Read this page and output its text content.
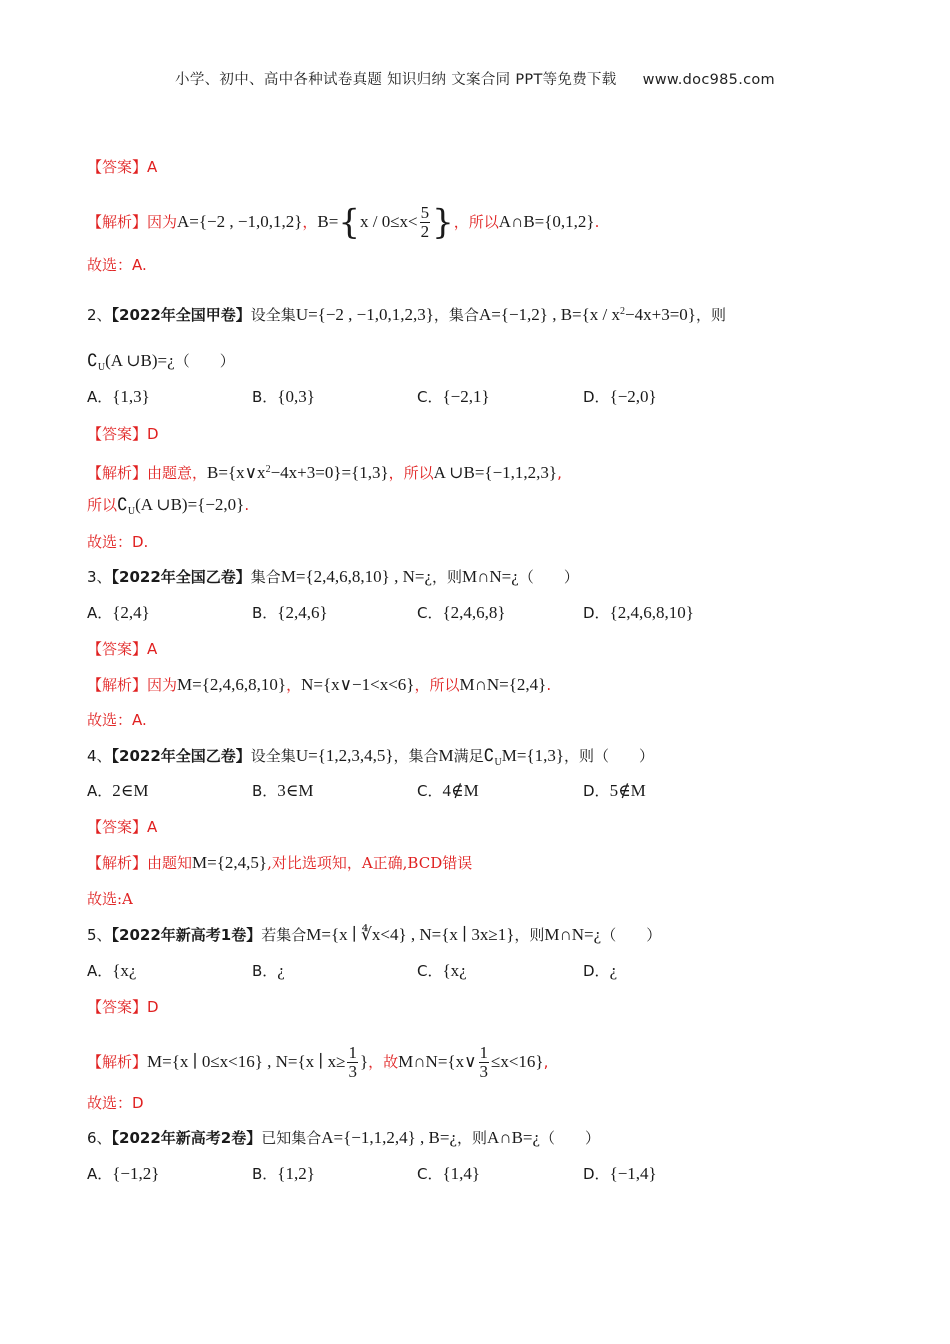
小学、初中、高中各种试卷真题 知识归纳 文案合同 PPT等免费下载 www.doc985.com
【答案】A
【解析】因为A={−2 , −1,0,1,2}，$B=\{x / 0\le x< \frac{5}{2}$ }，所以A∩B={0,1,2}.
故选：A.
2、【2022年全国甲卷】设全集U={−2 , −1,0,1,2,3}，集合A={−1,2} , $B=\{x / x^2-4x+3=0\}$，则
$∁_U(A$ ∪B)=¿（　　）
A．{1,3}	B．{0,3}	C．{−2,1}	D．{−2,0}
【答案】D
【解析】由题意，$B=\{x\vee x^2-4x+3=0\}=\{1,3\}$，所以A ∪B={−1,1,2,3},
所以$∁_U(A$ ∪B)={−2,0}.
故选：D.
3、【2022年全国乙卷】集合M={2,4,6,8,10} , N=¿，则M∩N=¿（　　）
A．{2,4}	B．{2,4,6}	C．{2,4,6,8}	D．{2,4,6,8,10}
【答案】A
【解析】因为M={2,4,6,8,10}，N={x∨−1<x<6}，所以M∩N={2,4}.
故选：A.
4、【2022年全国乙卷】设全集U={1,2,3,4,5}，集合M满足$∁_UM=\{1,3\}$，则（　　）
A．2∈M	B．3∈M	C．4∉M	D．5∉M
【答案】A
【解析】由题知M={2,4,5},对比选项知，A正确,BCD错误
故选:A
5、【2022年新高考1卷】若集合M={x ∣ ∜x<4} , N={x ∣ 3x≥1}，则M∩N=¿（　　）
A．{x¿	B．¿	C．{x¿	D．¿
【答案】D
【解析】M={x ∣ 0≤x<16} , N={x ∣ $x\ge \frac{1}{3}$ }，故M∩N={x∨ $\frac{1}{3} \le x<16$},
故选：D
6、【2022年新高考2卷】已知集合A={−1,1,2,4} , B=¿，则A∩B=¿（　　）
A．{−1,2}	B．{1,2}	C．{1,4}	D．{−1,4}
